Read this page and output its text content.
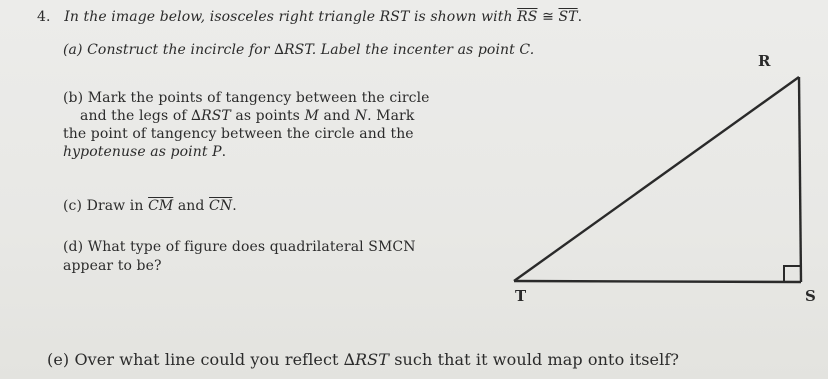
4. In the image below, isosceles right triangle RST is shown with $\overline{RS}$ ≅ $\overline{ST}$.
(a) Construct the incircle for ∆RST. Label the incenter as point C.
(b) Mark the points of tangency between the circle
and the legs of ∆RST as points M and N. Mark
the point of tangency between the circle and the
hypotenuse as point P.
(c) Draw in $\overline{CM}$ and $\overline{CN}$.
(d) What type of figure does quadrilateral SMCN
appear to be?
(e) Over what line could you reflect ∆RST such that it would map onto itself?
R
T	S
